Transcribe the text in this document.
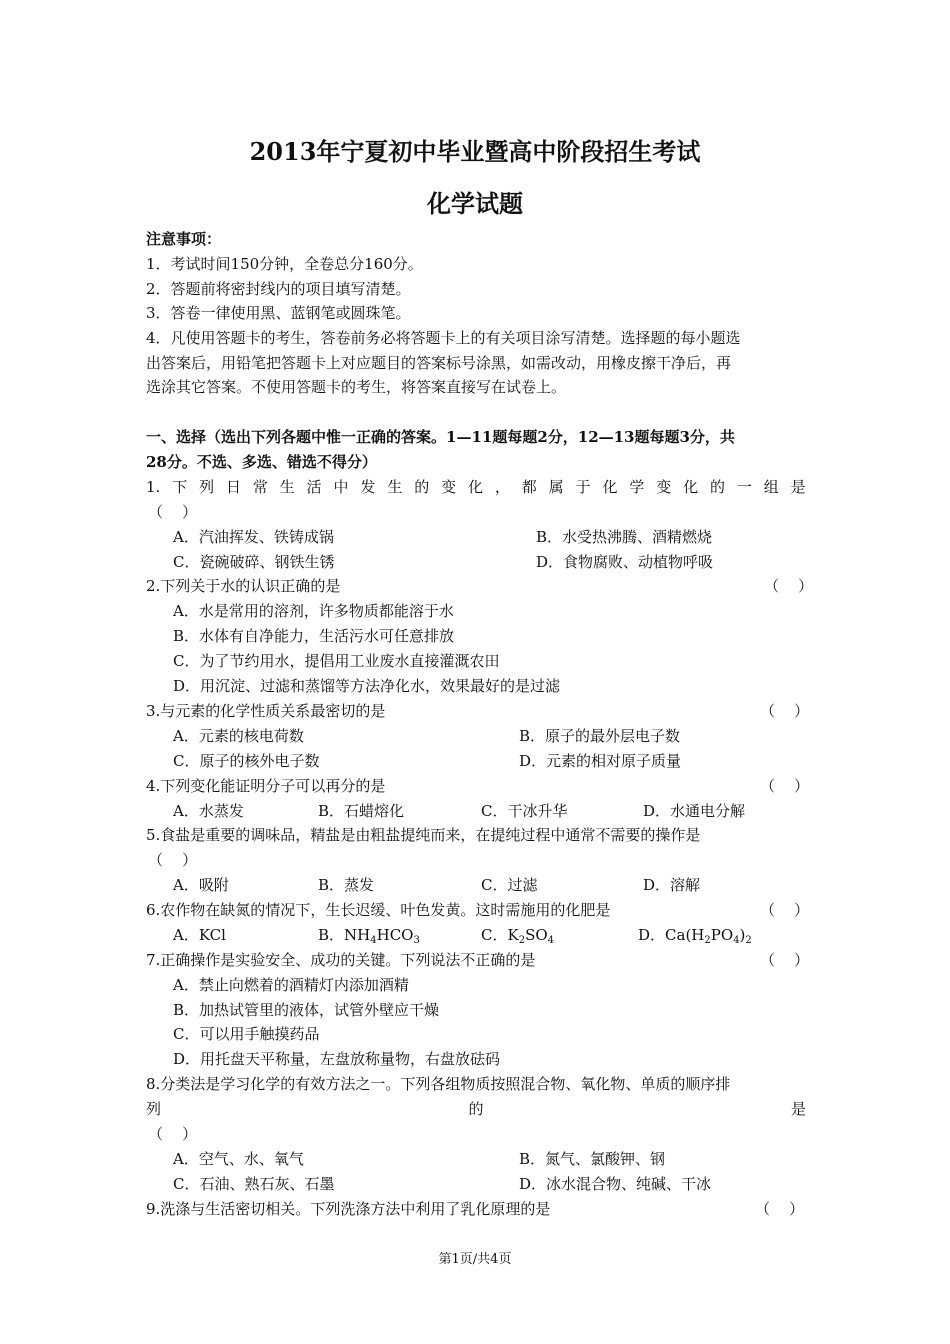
2013年宁夏初中毕业暨高中阶段招生考试
化学试题
注意事项：
1．考试时间150分钟，全卷总分160分。
2．答题前将密封线内的项目填写清楚。
3．答卷一律使用黑、蓝钢笔或圆珠笔。
4．凡使用答题卡的考生，答卷前务必将答题卡上的有关项目涂写清楚。选择题的每小题选
出答案后，用铅笔把答题卡上对应题目的答案标号涂黑，如需改动，用橡皮擦干净后，再
选涂其它答案。不使用答题卡的考生，将答案直接写在试卷上。
一、选择（选出下列各题中惟一正确的答案。1—11题每题2分，12—13题每题3分，共
28分。不选、多选、错选不得分）
1. 下 列 日 常 生 活 中 发 生 的 变 化 ， 都 属 于 化 学 变 化 的 一 组 是
（    ）
A．汽油挥发、铁铸成锅	B．水受热沸腾、酒精燃烧
C．瓷碗破碎、钢铁生锈	D．食物腐败、动植物呼吸
2.下列关于水的认识正确的是	（    ）
A．水是常用的溶剂，许多物质都能溶于水
B．水体有自净能力，生活污水可任意排放
C．为了节约用水，提倡用工业废水直接灌溉农田
D．用沉淀、过滤和蒸馏等方法净化水，效果最好的是过滤
3.与元素的化学性质关系最密切的是	（    ）
A．元素的核电荷数	B．原子的最外层电子数
C．原子的核外电子数	D．元素的相对原子质量
4.下列变化能证明分子可以再分的是	（    ）
A．水蒸发	B．石蜡熔化	C．干冰升华	D．水通电分解
5.食盐是重要的调味品，精盐是由粗盐提纯而来，在提纯过程中通常不需要的操作是
（    ）
A．吸附	B．蒸发	C．过滤	D．溶解
6.农作物在缺氮的情况下，生长迟缓、叶色发黄。这时需施用的化肥是	（    ）
A．KCl	B．$NH_4HCO_3$	C．$K_2SO_4$	D．$Ca(H_2PO_4)_2$
7.正确操作是实验安全、成功的关键。下列说法不正确的是	（    ）
A．禁止向燃着的酒精灯内添加酒精
B．加热试管里的液体，试管外壁应干燥
C．可以用手触摸药品
D．用托盘天平称量，左盘放称量物，右盘放砝码
8.分类法是学习化学的有效方法之一。下列各组物质按照混合物、氧化物、单质的顺序排
列	的	是
（    ）
A．空气、水、氧气	B．氮气、氯酸钾、钢
C．石油、熟石灰、石墨	D．冰水混合物、纯碱、干冰
9.洗涤与生活密切相关。下列洗涤方法中利用了乳化原理的是	（    ）
第1页/共4页
